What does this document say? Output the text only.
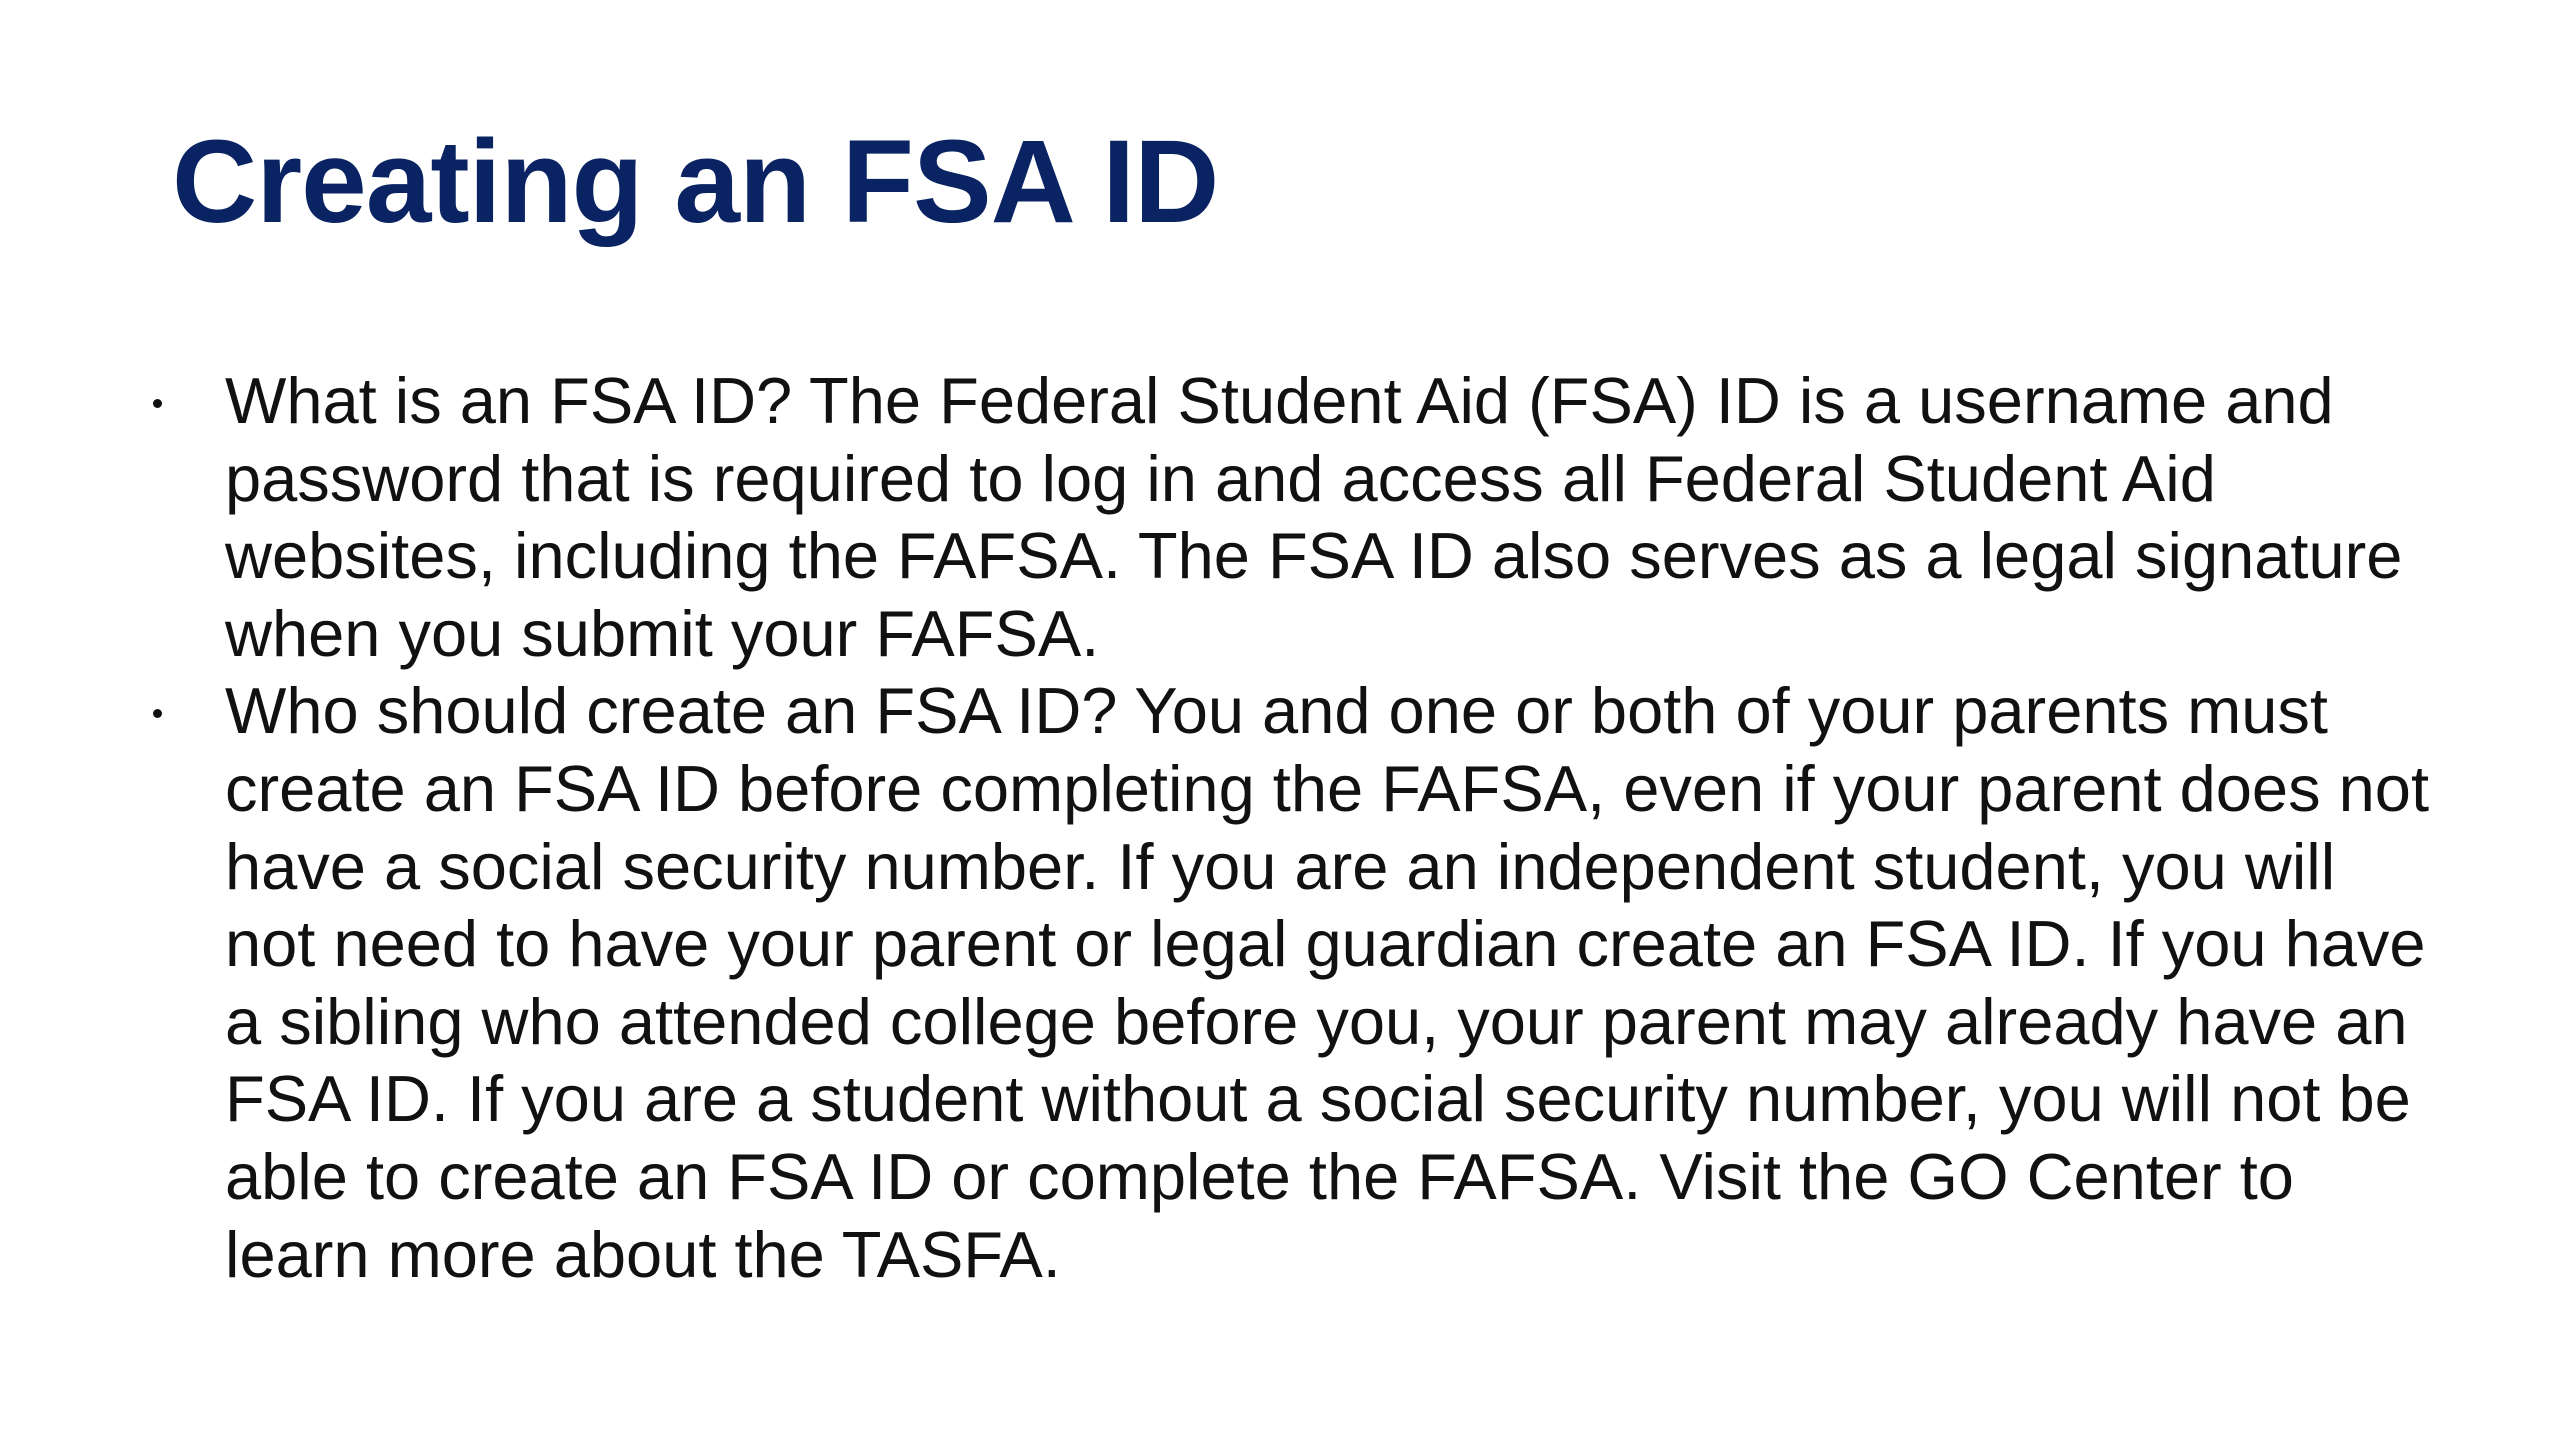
Creating an FSA ID
What is an FSA ID? The Federal Student Aid (FSA) ID is a username and
password that is required to log in and access all Federal Student Aid
websites, including the FAFSA. The FSA ID also serves as a legal signature
when you submit your FAFSA.
Who should create an FSA ID? You and one or both of your parents must
create an FSA ID before completing the FAFSA, even if your parent does not
have a social security number. If you are an independent student, you will
not need to have your parent or legal guardian create an FSA ID. If you have
a sibling who attended college before you, your parent may already have an
FSA ID. If you are a student without a social security number, you will not be
able to create an FSA ID or complete the FAFSA. Visit the GO Center to
learn more about the TASFA.
